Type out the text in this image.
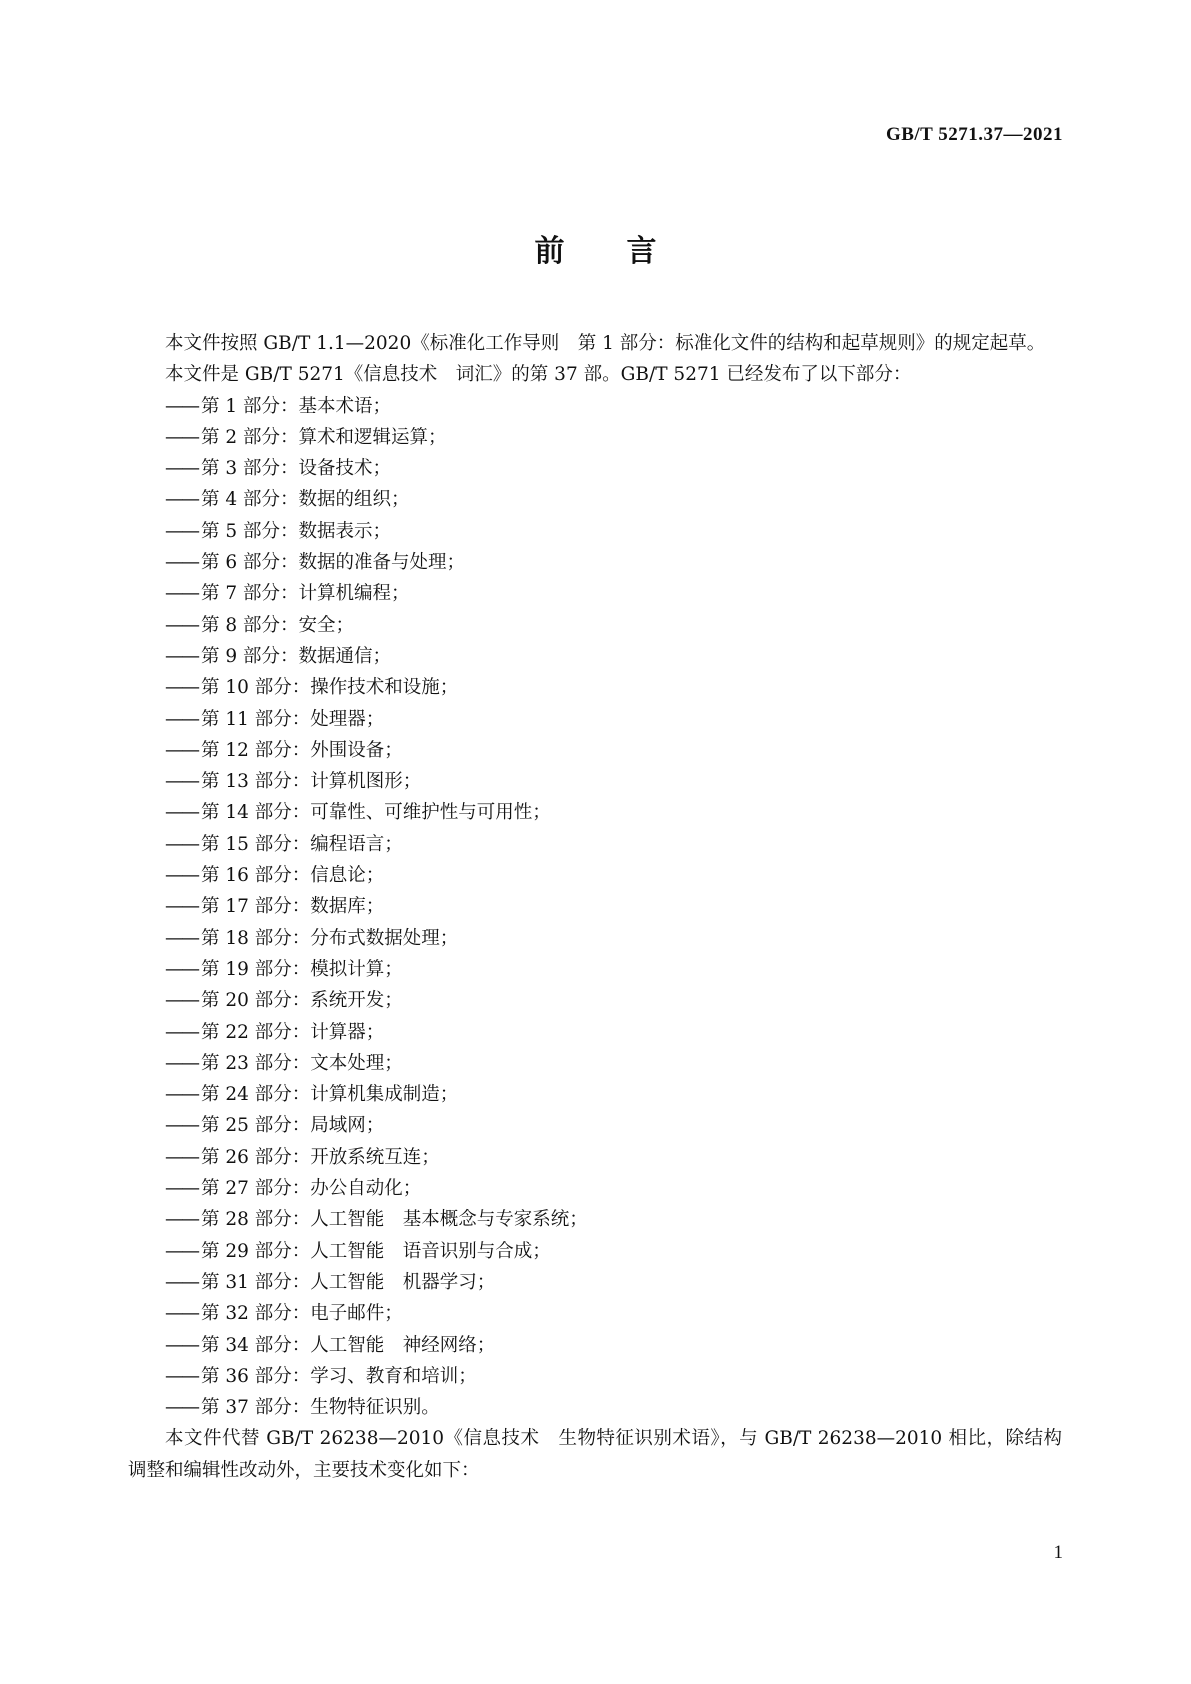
GB/T 5271.37—2021
前 言

本文件按照 GB/T 1.1—2020《标准化工作导则　第 1 部分：标准化文件的结构和起草规则》的规定起草。

本文件是 GB/T 5271《信息技术　词汇》的第 37 部。GB/T 5271 已经发布了以下部分：

—— 第 1 部分：基本术语；
—— 第 2 部分：算术和逻辑运算；
—— 第 3 部分：设备技术；
—— 第 4 部分：数据的组织；
—— 第 5 部分：数据表示；
—— 第 6 部分：数据的准备与处理；
—— 第 7 部分：计算机编程；
—— 第 8 部分：安全；
—— 第 9 部分：数据通信；
—— 第 10 部分：操作技术和设施；
—— 第 11 部分：处理器；
—— 第 12 部分：外围设备；
—— 第 13 部分：计算机图形；
—— 第 14 部分：可靠性、可维护性与可用性；
—— 第 15 部分：编程语言；
—— 第 16 部分：信息论；
—— 第 17 部分：数据库；
—— 第 18 部分：分布式数据处理；
—— 第 19 部分：模拟计算；
—— 第 20 部分：系统开发；
—— 第 22 部分：计算器；
—— 第 23 部分：文本处理；
—— 第 24 部分：计算机集成制造；
—— 第 25 部分：局域网；
—— 第 26 部分：开放系统互连；
—— 第 27 部分：办公自动化；
—— 第 28 部分：人工智能　基本概念与专家系统；
—— 第 29 部分：人工智能　语音识别与合成；
—— 第 31 部分：人工智能　机器学习；
—— 第 32 部分：电子邮件；
—— 第 34 部分：人工智能　神经网络；
—— 第 36 部分：学习、教育和培训；
—— 第 37 部分：生物特征识别。

本文件代替 GB/T 26238—2010《信息技术　生物特征识别术语》，与 GB/T 26238—2010 相比，除结构调整和编辑性改动外，主要技术变化如下：

1
